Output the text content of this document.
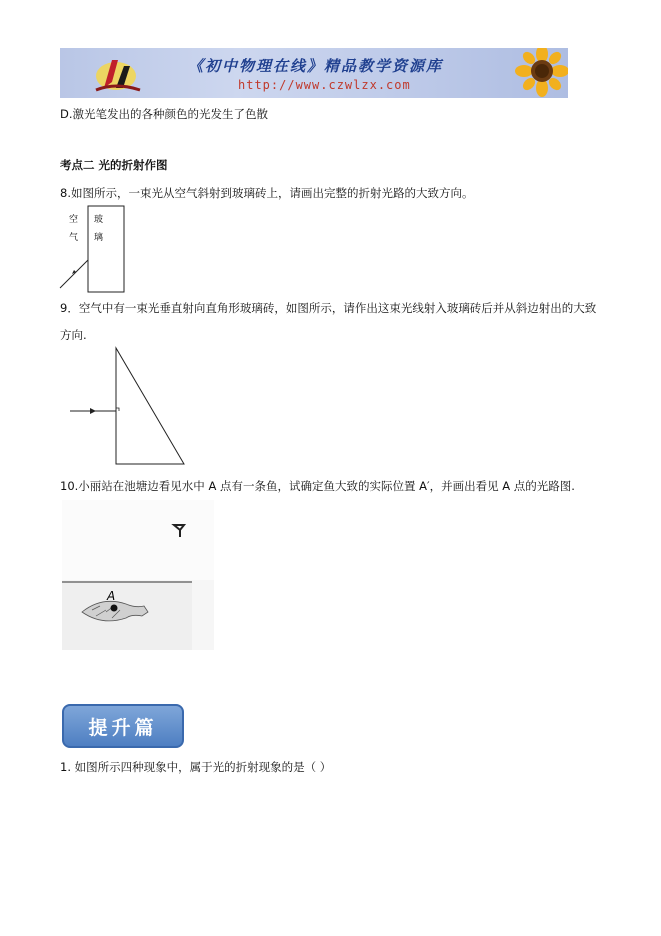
《初中物理在线》精品教学资源库
http://www.czwlzx.com
D.激光笔发出的各种颜色的光发生了色散
考点二 光的折射作图
8.如图所示，一束光从空气斜射到玻璃砖上，请画出完整的折射光路的大致方向。
空
气
玻
璃
9．空气中有一束光垂直射向直角形玻璃砖，如图所示，请作出这束光线射入玻璃砖后并从斜边射出的大致
方向.
10.小丽站在池塘边看见水中 A 点有一条鱼，试确定鱼大致的实际位置 A′，并画出看见 A 点的光路图.
A
提升篇
1. 如图所示四种现象中，属于光的折射现象的是（ ）
